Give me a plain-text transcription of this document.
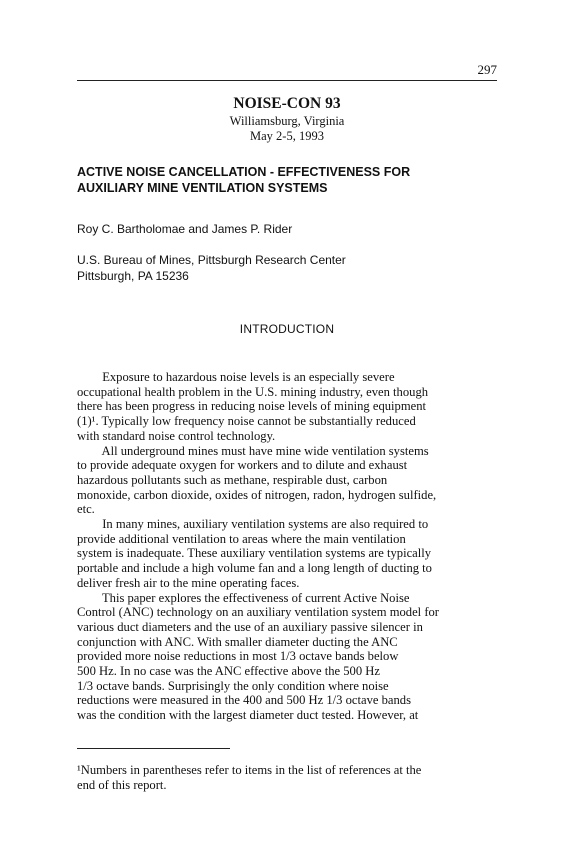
297
NOISE-CON 93
Williamsburg, Virginia
May 2-5, 1993
ACTIVE NOISE CANCELLATION - EFFECTIVENESS FOR
AUXILIARY MINE VENTILATION SYSTEMS
Roy C. Bartholomae and James P. Rider
U.S. Bureau of Mines, Pittsburgh Research Center
Pittsburgh, PA 15236
INTRODUCTION
Exposure to hazardous noise levels is an especially severe
occupational health problem in the U.S. mining industry, even though
there has been progress in reducing noise levels of mining equipment
(1)¹. Typically low frequency noise cannot be substantially reduced
with standard noise control technology.
All underground mines must have mine wide ventilation systems
to provide adequate oxygen for workers and to dilute and exhaust
hazardous pollutants such as methane, respirable dust, carbon
monoxide, carbon dioxide, oxides of nitrogen, radon, hydrogen sulfide,
etc.
In many mines, auxiliary ventilation systems are also required to
provide additional ventilation to areas where the main ventilation
system is inadequate. These auxiliary ventilation systems are typically
portable and include a high volume fan and a long length of ducting to
deliver fresh air to the mine operating faces.
This paper explores the effectiveness of current Active Noise
Control (ANC) technology on an auxiliary ventilation system model for
various duct diameters and the use of an auxiliary passive silencer in
conjunction with ANC. With smaller diameter ducting the ANC
provided more noise reductions in most 1/3 octave bands below
500 Hz. In no case was the ANC effective above the 500 Hz
1/3 octave bands. Surprisingly the only condition where noise
reductions were measured in the 400 and 500 Hz 1/3 octave bands
was the condition with the largest diameter duct tested. However, at
¹Numbers in parentheses refer to items in the list of references at the
end of this report.
